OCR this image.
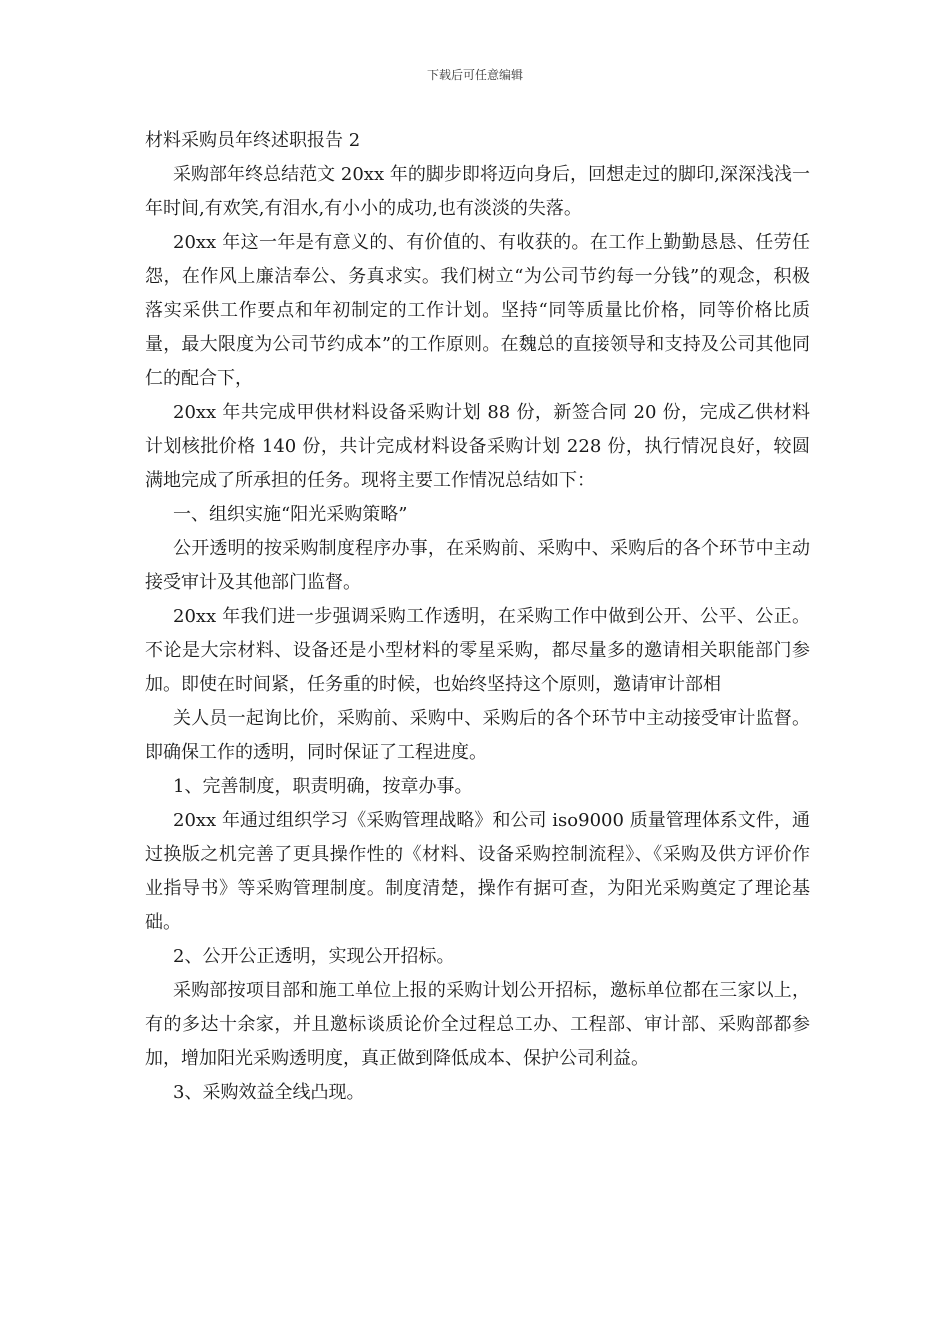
下载后可任意编辑

材料采购员年终述职报告 2

采购部年终总结范文 20xx 年的脚步即将迈向身后，回想走过的脚印,深深浅浅一年时间,有欢笑,有泪水,有小小的成功,也有淡淡的失落。

20xx 年这一年是有意义的、有价值的、有收获的。在工作上勤勤恳恳、任劳任怨，在作风上廉洁奉公、务真求实。我们树立“为公司节约每一分钱”的观念，积极落实采供工作要点和年初制定的工作计划。坚持“同等质量比价格，同等价格比质量，最大限度为公司节约成本”的工作原则。在魏总的直接领导和支持及公司其他同仁的配合下，

20xx 年共完成甲供材料设备采购计划 88 份，新签合同 20 份，完成乙供材料计划核批价格 140 份，共计完成材料设备采购计划 228 份，执行情况良好，较圆满地完成了所承担的任务。现将主要工作情况总结如下：

一、组织实施“阳光采购策略”

公开透明的按采购制度程序办事，在采购前、采购中、采购后的各个环节中主动接受审计及其他部门监督。

20xx 年我们进一步强调采购工作透明，在采购工作中做到公开、公平、公正。不论是大宗材料、设备还是小型材料的零星采购，都尽量多的邀请相关职能部门参加。即使在时间紧，任务重的时候，也始终坚持这个原则，邀请审计部相

关人员一起询比价，采购前、采购中、采购后的各个环节中主动接受审计监督。即确保工作的透明，同时保证了工程进度。

1、完善制度，职责明确，按章办事。

20xx 年通过组织学习《采购管理战略》和公司 iso9000 质量管理体系文件，通过换版之机完善了更具操作性的《材料、设备采购控制流程》、《采购及供方评价作业指导书》等采购管理制度。制度清楚，操作有据可查，为阳光采购奠定了理论基础。

2、公开公正透明，实现公开招标。

采购部按项目部和施工单位上报的采购计划公开招标，邀标单位都在三家以上，有的多达十余家，并且邀标谈质论价全过程总工办、工程部、审计部、采购部都参加，增加阳光采购透明度，真正做到降低成本、保护公司利益。

3、采购效益全线凸现。
